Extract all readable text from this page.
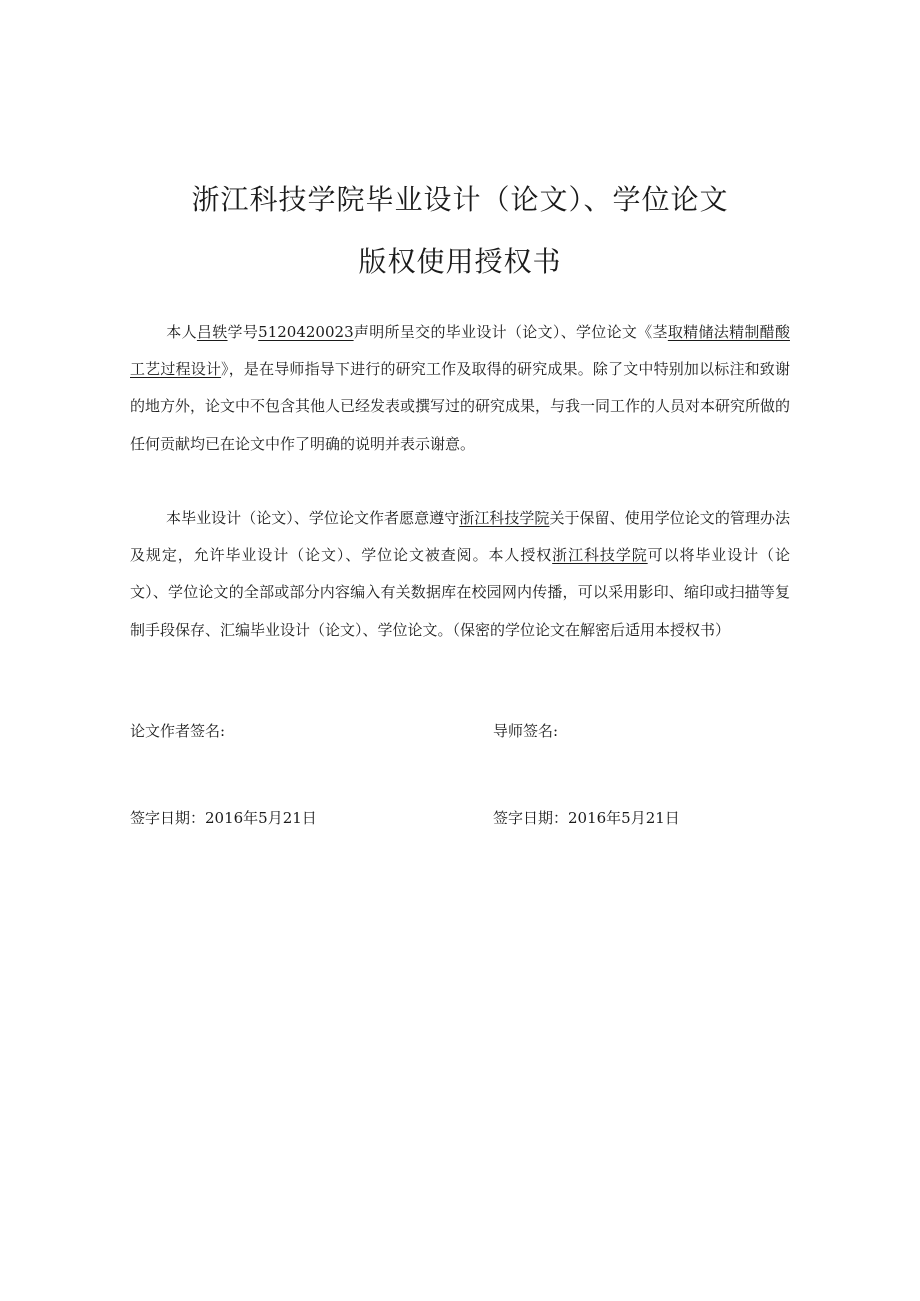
浙江科技学院毕业设计（论文）、学位论文
版权使用授权书

本人吕轶学号5120420023声明所呈交的毕业设计（论文）、学位论文《茎取精储法精制醋酸工艺过程设计》，是在导师指导下进行的研究工作及取得的研究成果。除了文中特别加以标注和致谢的地方外，论文中不包含其他人已经发表或撰写过的研究成果，与我一同工作的人员对本研究所做的任何贡献均已在论文中作了明确的说明并表示谢意。

本毕业设计（论文）、学位论文作者愿意遵守浙江科技学院关于保留、使用学位论文的管理办法及规定，允许毕业设计（论文）、学位论文被查阅。本人授权浙江科技学院可以将毕业设计（论文）、学位论文的全部或部分内容编入有关数据库在校园网内传播，可以采用影印、缩印或扫描等复制手段保存、汇编毕业设计（论文）、学位论文。（保密的学位论文在解密后适用本授权书）

论文作者签名:	导师签名:
签字日期：2016年5月21日	签字日期：2016年5月21日
